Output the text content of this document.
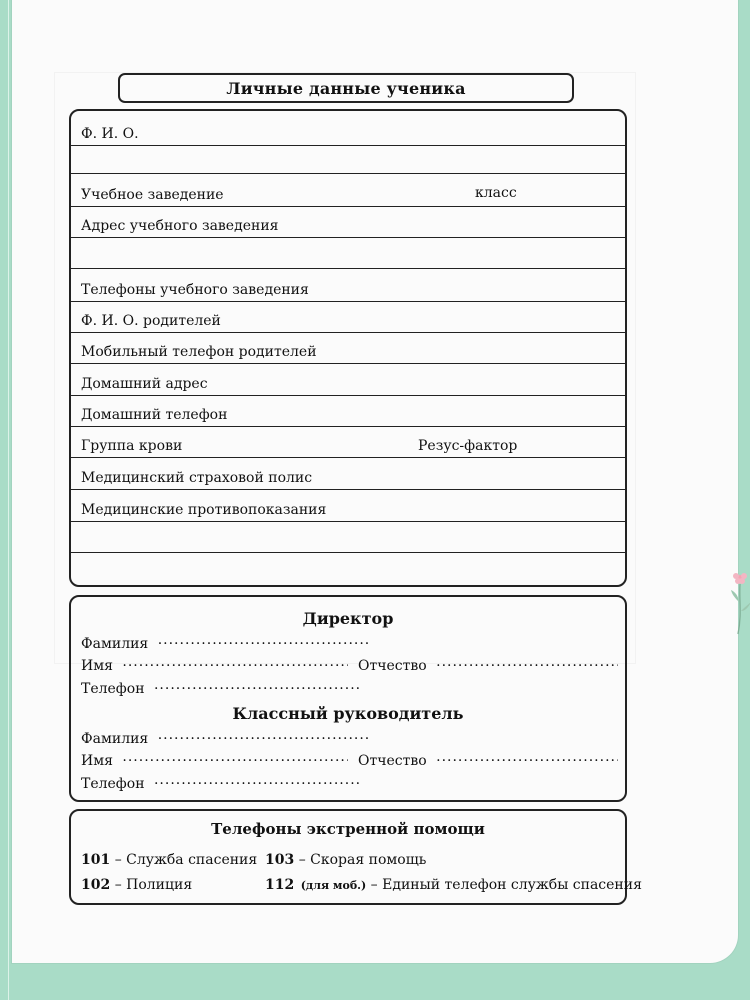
Личные данные ученика
Ф. И. О.
Учебное заведение	класс
Адрес учебного заведения
Телефоны учебного заведения
Ф. И. О. родителей
Мобильный телефон родителей
Домашний адрес
Домашний телефон
Группа крови	Резус-фактор
Медицинский страховой полис
Медицинские противопоказания
Директор
Фамилия .....
Имя .....	Отчество .....
Телефон .....
Классный руководитель
Фамилия .....
Имя .....	Отчество .....
Телефон .....
Телефоны экстренной помощи
101 – Служба спасения 103 – Скорая помощь
102 – Полиция	112 (для моб.) – Единый телефон службы спасения
